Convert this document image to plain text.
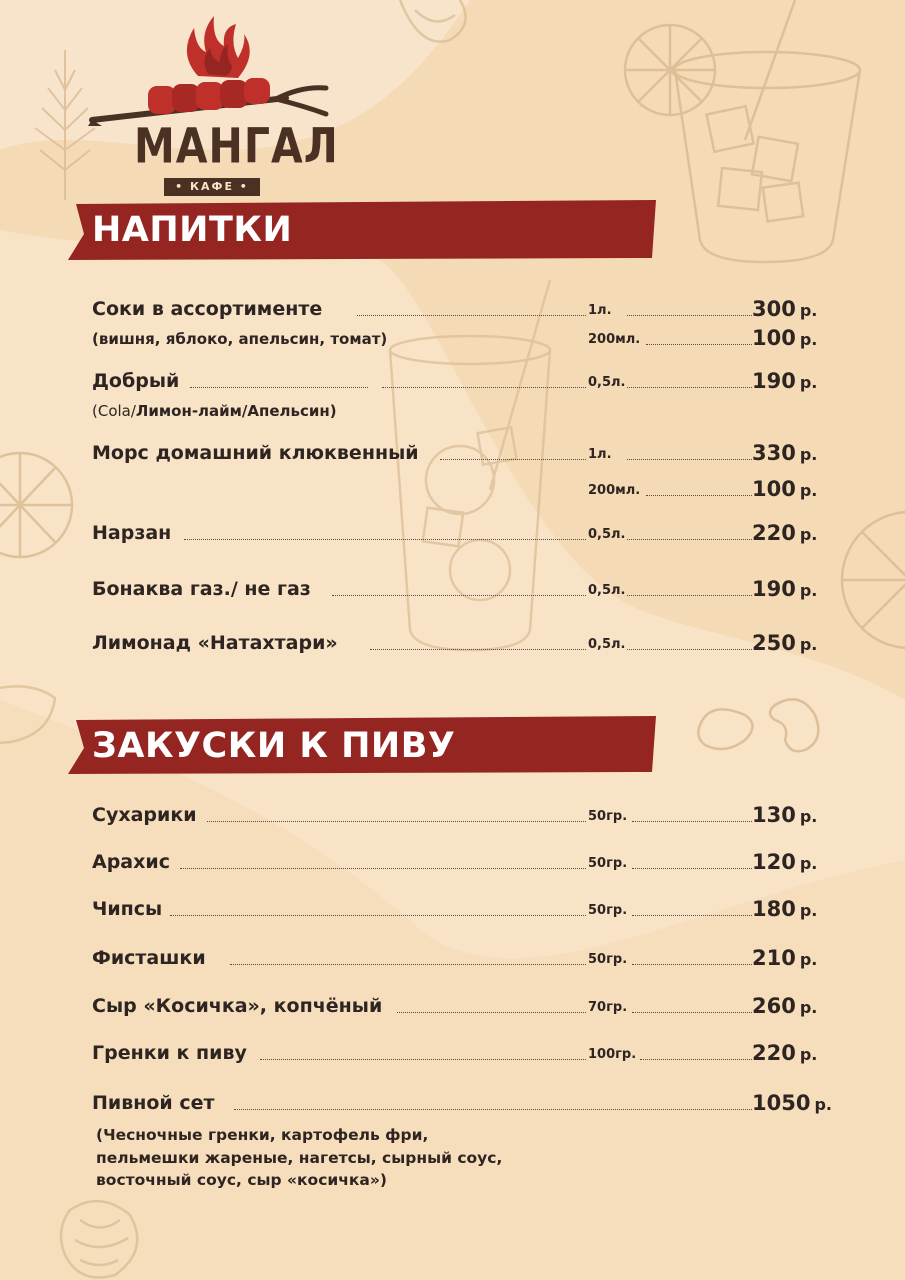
МАНГАЛ
• КАФЕ •
НАПИТКИ
Соки в ассортименте	1л.	300 р.
(вишня, яблоко, апельсин, томат)	200мл.	100 р.
Добрый	0,5л.	190 р.
(Cola/Лимон-лайм/Апельсин)
Морс домашний клюквенный	1л.	330 р.
200мл.	100 р.
Нарзан	0,5л.	220 р.
Бонаква газ./ не газ	0,5л.	190 р.
Лимонад «Натахтари»	0,5л.	250 р.
ЗАКУСКИ К ПИВУ
Сухарики	50гр.	130 р.
Арахис	50гр.	120 р.
Чипсы	50гр.	180 р.
Фисташки	50гр.	210 р.
Сыр «Косичка», копчёный	70гр.	260 р.
Гренки к пиву	100гр.	220 р.
Пивной сет	1050 р.
(Чесночные гренки, картофель фри,
пельмешки жареные, нагетсы, сырный соус,
восточный соус, сыр «косичка»)
